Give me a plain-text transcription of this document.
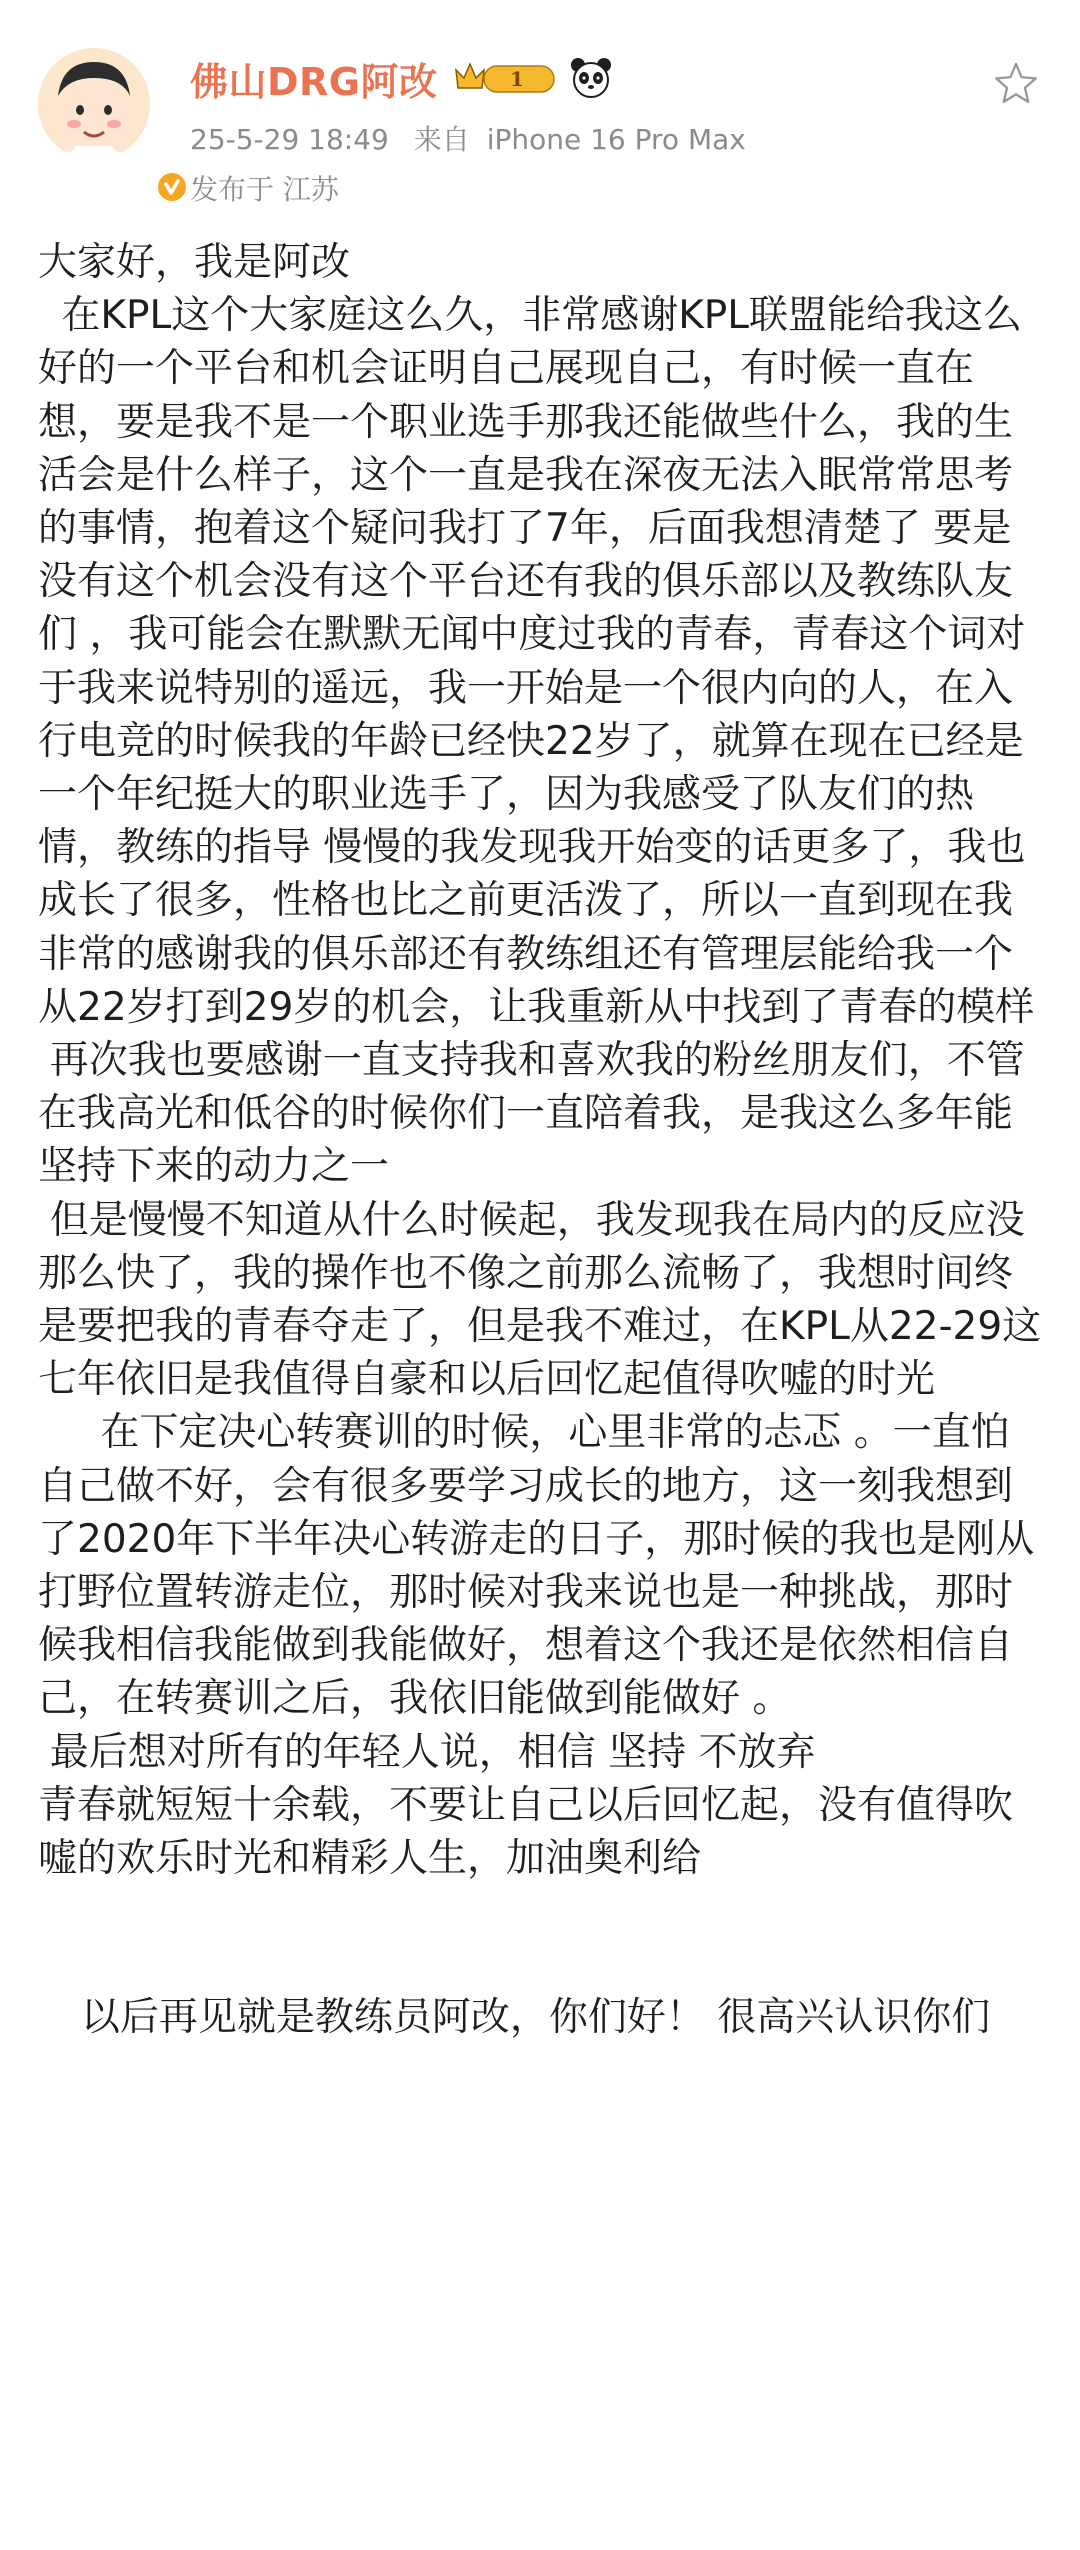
佛山DRG阿改	1
25-5-29 18:49 来自 iPhone 16 Pro Max
发布于 江苏

大家好，我是阿改

在KPL这个大家庭这么久，非常感谢KPL联盟能给我这么好的一个平台和机会证明自己展现自己，有时候一直在想，要是我不是一个职业选手那我还能做些什么，我的生活会是什么样子，这个一直是我在深夜无法入眠常常思考的事情，抱着这个疑问我打了7年，后面我想清楚了 要是没有这个机会没有这个平台还有我的俱乐部以及教练队友们 ，我可能会在默默无闻中度过我的青春，青春这个词对于我来说特别的遥远，我一开始是一个很内向的人，在入行电竞的时候我的年龄已经快22岁了，就算在现在已经是一个年纪挺大的职业选手了，因为我感受了队友们的热情，教练的指导 慢慢的我发现我开始变的话更多了，我也成长了很多，性格也比之前更活泼了，所以一直到现在我非常的感谢我的俱乐部还有教练组还有管理层能给我一个从22岁打到29岁的机会，让我重新从中找到了青春的模样

再次我也要感谢一直支持我和喜欢我的粉丝朋友们，不管在我高光和低谷的时候你们一直陪着我，是我这么多年能坚持下来的动力之一

但是慢慢不知道从什么时候起，我发现我在局内的反应没那么快了，我的操作也不像之前那么流畅了，我想时间终是要把我的青春夺走了，但是我不难过，在KPL从22-29这七年依旧是我值得自豪和以后回忆起值得吹嘘的时光

在下定决心转赛训的时候，心里非常的忐忑 。一直怕自己做不好，会有很多要学习成长的地方，这一刻我想到了2020年下半年决心转游走的日子，那时候的我也是刚从打野位置转游走位，那时候对我来说也是一种挑战，那时候我相信我能做到我能做好，想着这个我还是依然相信自己，在转赛训之后，我依旧能做到能做好 。

最后想对所有的年轻人说，相信 坚持 不放弃

青春就短短十余载，不要让自己以后回忆起，没有值得吹嘘的欢乐时光和精彩人生，加油奥利给

以后再见就是教练员阿改，你们好！ 很高兴认识你们
